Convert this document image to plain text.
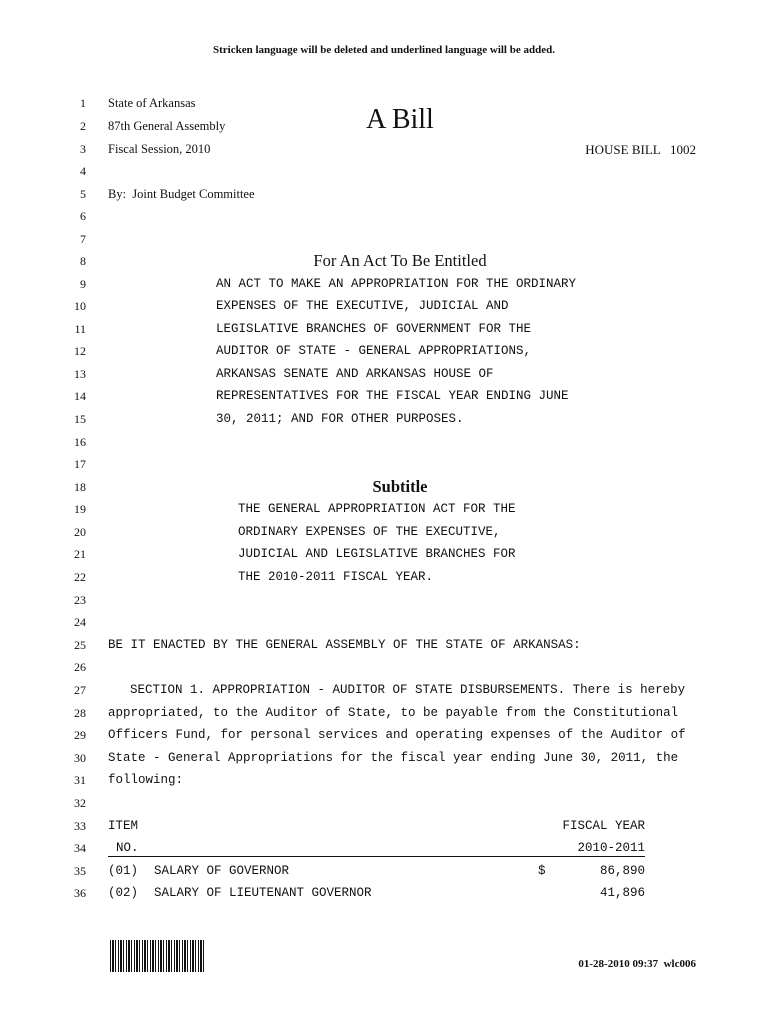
Stricken language will be deleted and underlined language will be added.
1
2
3
4
5
6
7
8
9
10
11
12
13
14
15
16
17
18
19
20
21
22
23
24
25
26
27
28
29
30
31
32
33
34
35
36
State of Arkansas
87th General Assembly
Fiscal Session, 2010
A Bill
HOUSE BILL   1002
By:  Joint Budget Committee
For An Act To Be Entitled
AN ACT TO MAKE AN APPROPRIATION FOR THE ORDINARY
EXPENSES OF THE EXECUTIVE, JUDICIAL AND
LEGISLATIVE BRANCHES OF GOVERNMENT FOR THE
AUDITOR OF STATE - GENERAL APPROPRIATIONS,
ARKANSAS SENATE AND ARKANSAS HOUSE OF
REPRESENTATIVES FOR THE FISCAL YEAR ENDING JUNE
30, 2011; AND FOR OTHER PURPOSES.
Subtitle
THE GENERAL APPROPRIATION ACT FOR THE
ORDINARY EXPENSES OF THE EXECUTIVE,
JUDICIAL AND LEGISLATIVE BRANCHES FOR
THE 2010-2011 FISCAL YEAR.
BE IT ENACTED BY THE GENERAL ASSEMBLY OF THE STATE OF ARKANSAS:
SECTION 1. APPROPRIATION - AUDITOR OF STATE DISBURSEMENTS. There is hereby
appropriated, to the Auditor of State, to be payable from the Constitutional
Officers Fund, for personal services and operating expenses of the Auditor of
State - General Appropriations for the fiscal year ending June 30, 2011, the
following:
ITEM	FISCAL YEAR
NO.	2010-2011
(01) SALARY OF GOVERNOR	$	86,890
(02) SALARY OF LIEUTENANT GOVERNOR	41,896
01-28-2010 09:37  wlc006
